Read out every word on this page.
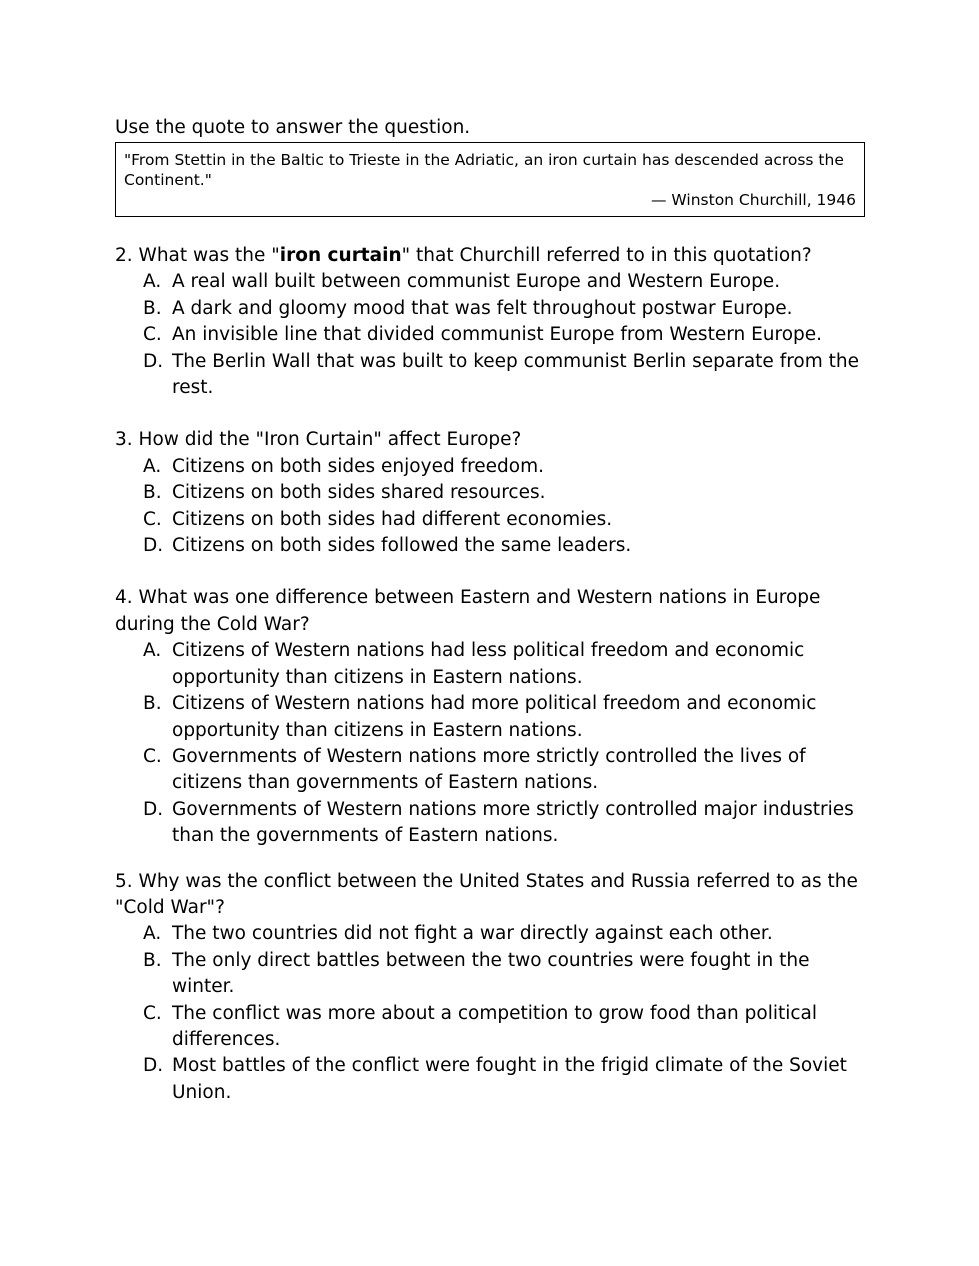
Use the quote to answer the question.

"From Stettin in the Baltic to Trieste in the Adriatic, an iron curtain has descended across the Continent."
— Winston Churchill, 1946

2. What was the "iron curtain" that Churchill referred to in this quotation?

A. A real wall built between communist Europe and Western Europe.
B. A dark and gloomy mood that was felt throughout postwar Europe.
C. An invisible line that divided communist Europe from Western Europe.
D. The Berlin Wall that was built to keep communist Berlin separate from the rest.

3. How did the "Iron Curtain" affect Europe?

A. Citizens on both sides enjoyed freedom.
B. Citizens on both sides shared resources.
C. Citizens on both sides had different economies.
D. Citizens on both sides followed the same leaders.

4. What was one difference between Eastern and Western nations in Europe during the Cold War?

A. Citizens of Western nations had less political freedom and economic opportunity than citizens in Eastern nations.
B. Citizens of Western nations had more political freedom and economic opportunity than citizens in Eastern nations.
C. Governments of Western nations more strictly controlled the lives of citizens than governments of Eastern nations.
D. Governments of Western nations more strictly controlled major industries than the governments of Eastern nations.

5. Why was the conflict between the United States and Russia referred to as the "Cold War"?

A. The two countries did not fight a war directly against each other.
B. The only direct battles between the two countries were fought in the winter.
C. The conflict was more about a competition to grow food than political differences.
D. Most battles of the conflict were fought in the frigid climate of the Soviet Union.
